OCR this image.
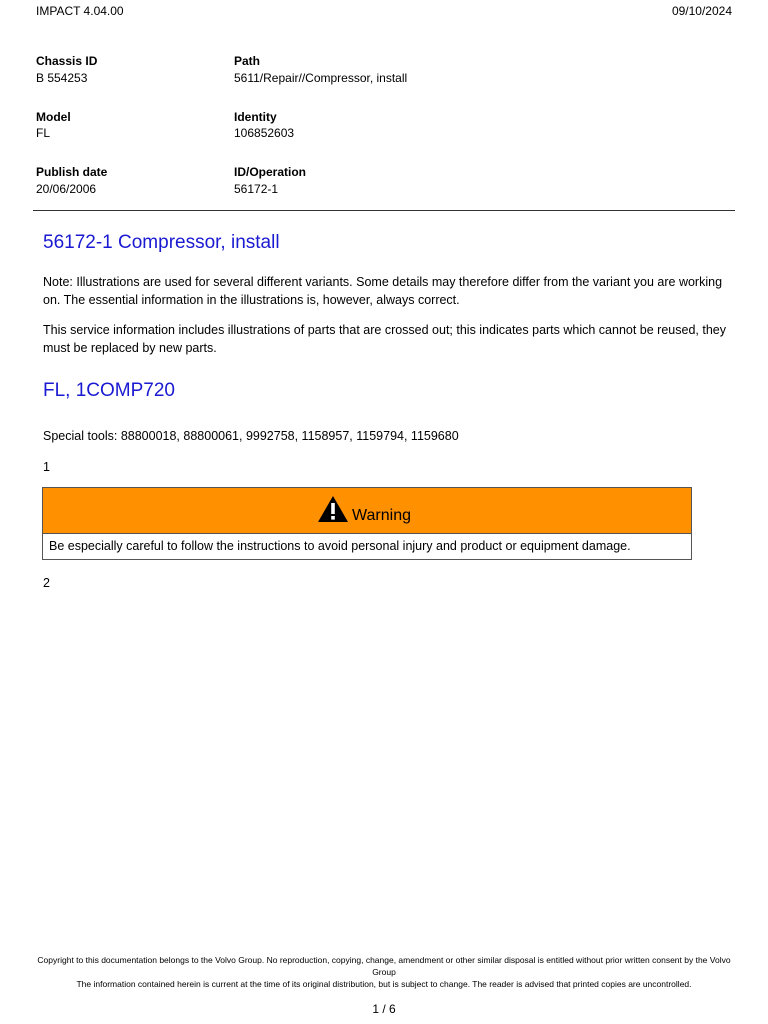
IMPACT 4.04.00	09/10/2024
Chassis ID
B 554253
Path
5611/Repair//Compressor, install
Model
FL
Identity
106852603
Publish date
20/06/2006
ID/Operation
56172-1
56172-1 Compressor, install
Note: Illustrations are used for several different variants. Some details may therefore differ from the variant you are working on. The essential information in the illustrations is, however, always correct.
This service information includes illustrations of parts that are crossed out; this indicates parts which cannot be reused, they must be replaced by new parts.
FL, 1COMP720
Special tools: 88800018, 88800061, 9992758, 1158957, 1159794, 1159680
1
Warning
Be especially careful to follow the instructions to avoid personal injury and product or equipment damage.
2
Copyright to this documentation belongs to the Volvo Group. No reproduction, copying, change, amendment or other similar disposal is entitled without prior written consent by the Volvo Group
The information contained herein is current at the time of its original distribution, but is subject to change. The reader is advised that printed copies are uncontrolled.
1 / 6
